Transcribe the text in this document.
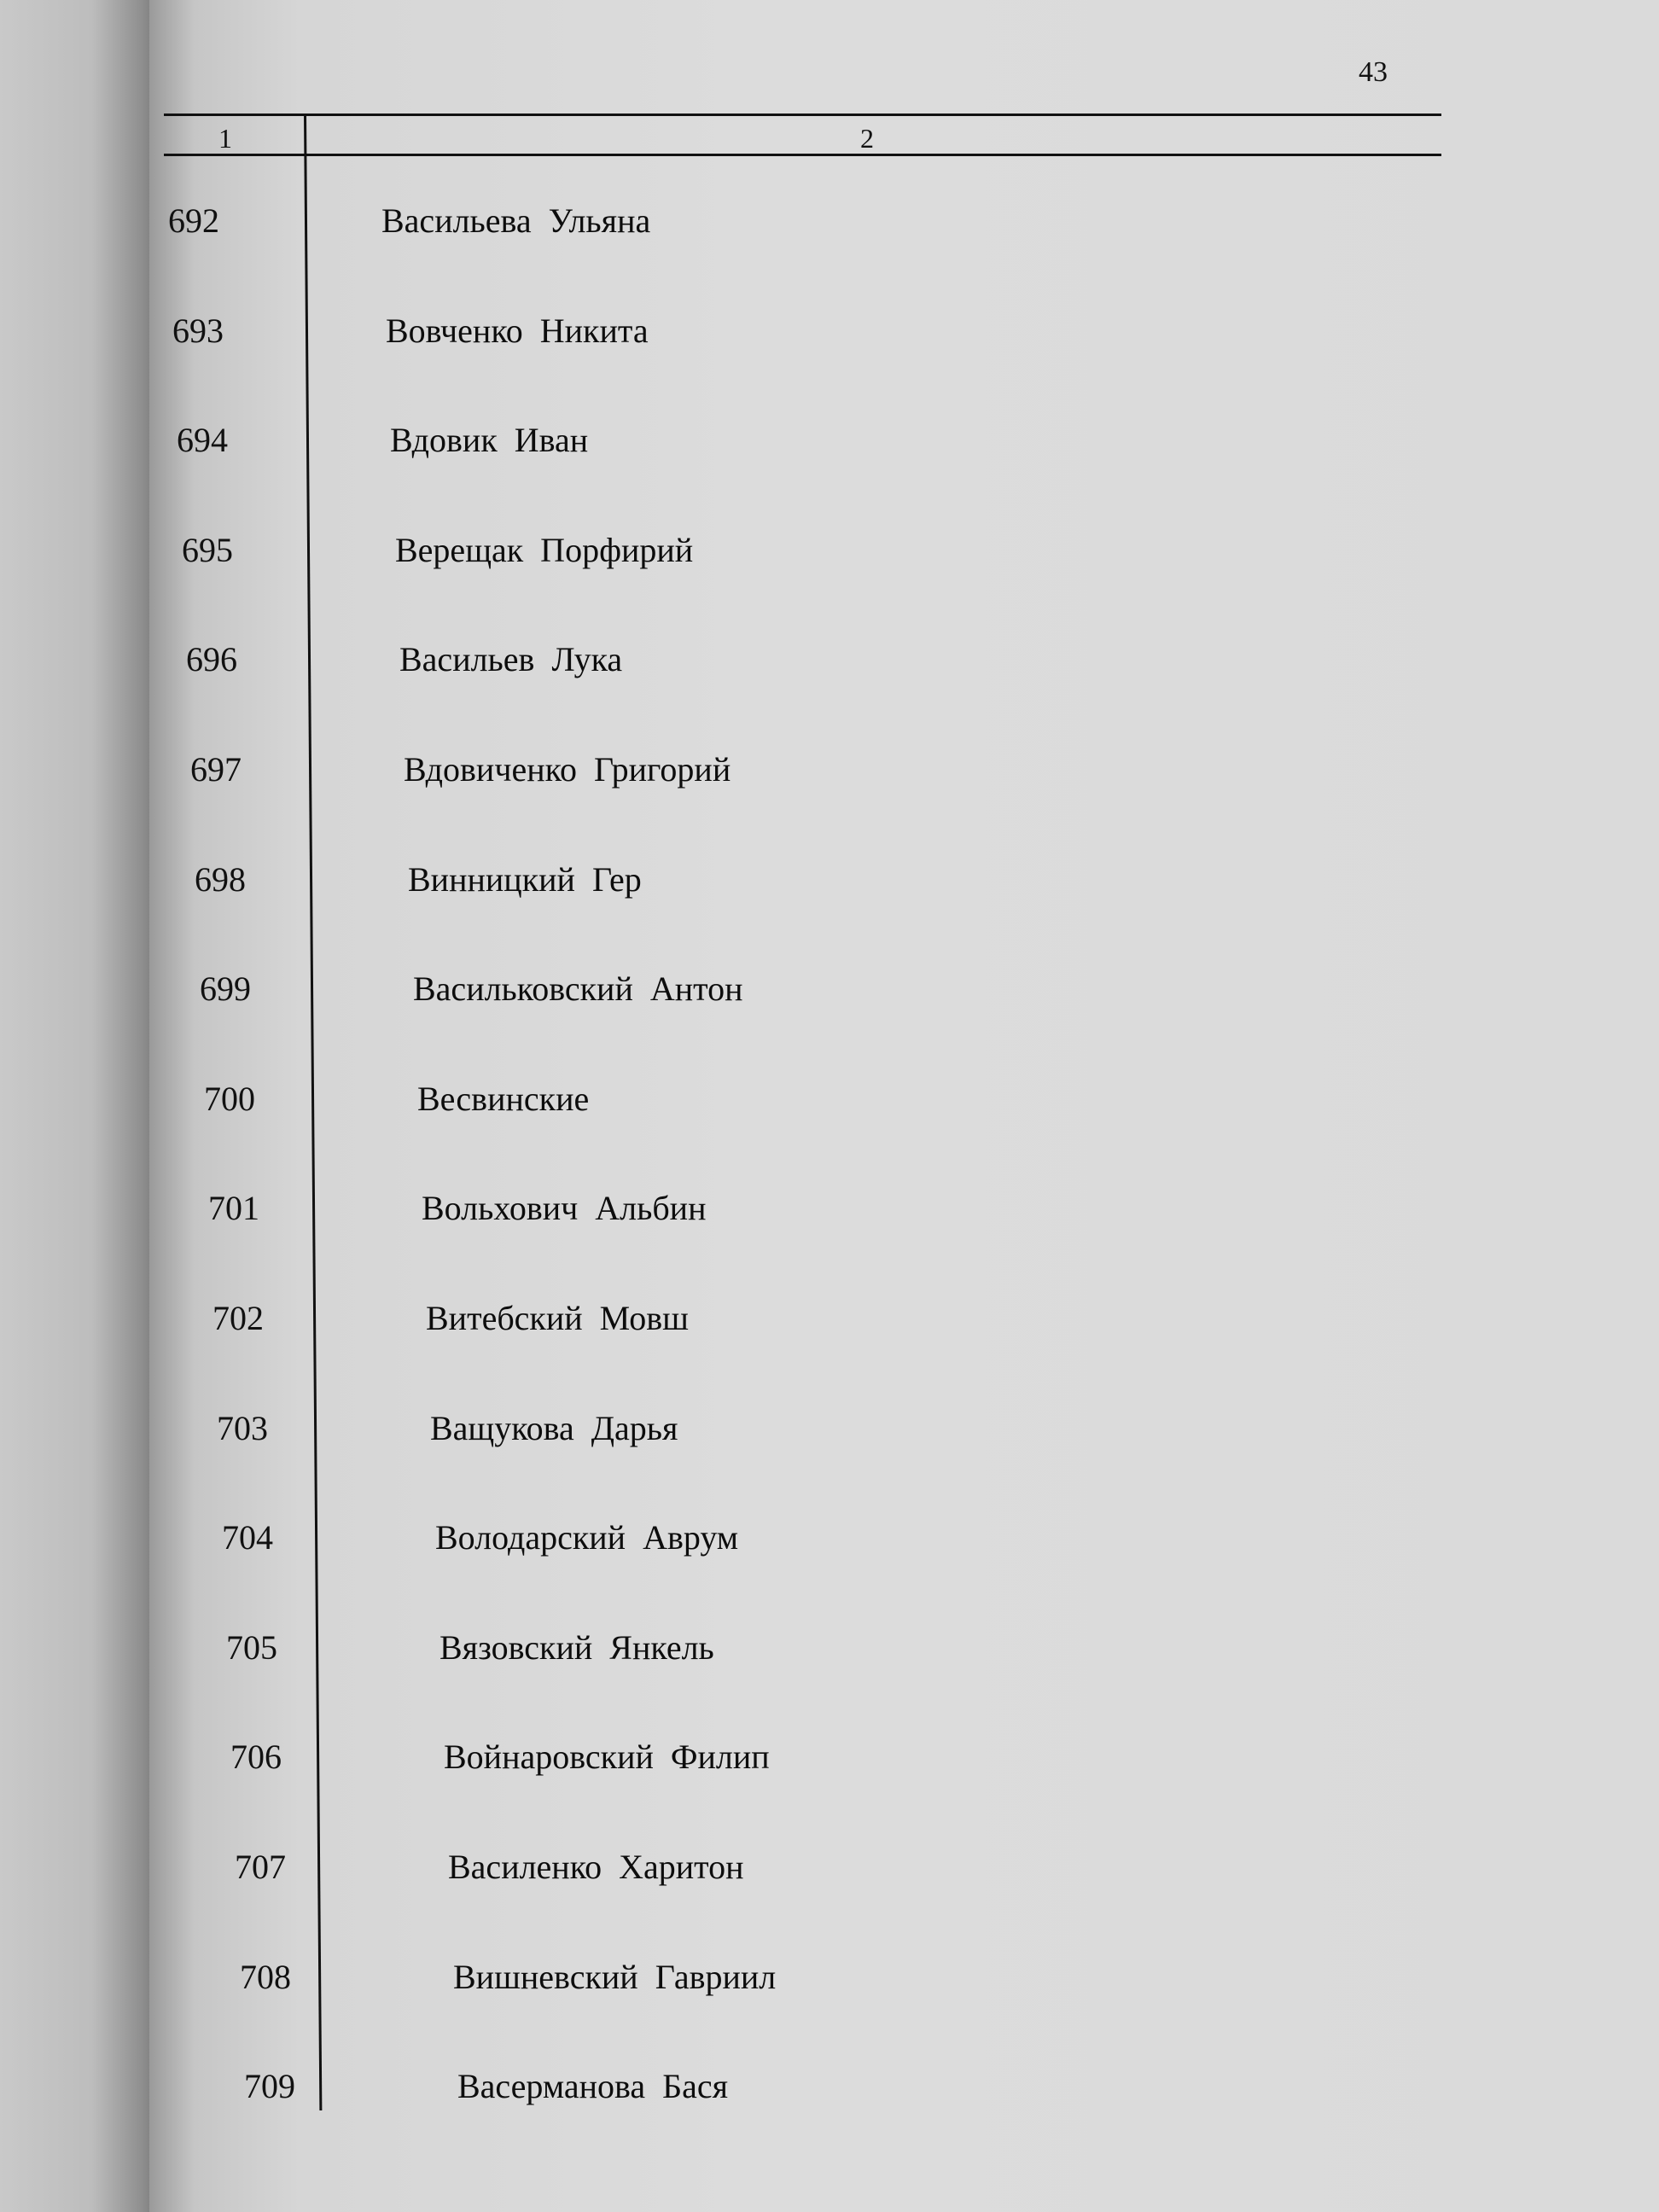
43
1	2
692	Васильева Ульяна
693	Вовченко Никита
694	Вдовик Иван
695	Верещак Порфирий
696	Васильев Лука
697	Вдовиченко Григорий
698	Винницкий Гер
699	Васильковский Антон
700	Весвинские
701	Вольхович Альбин
702	Витебский Мовш
703	Ващукова Дарья
704	Володарский Аврум
705	Вязовский Янкель
706	Войнаровский Филип
707	Василенко Харитон
708	Вишневский Гавриил
709	Васерманова Бася
